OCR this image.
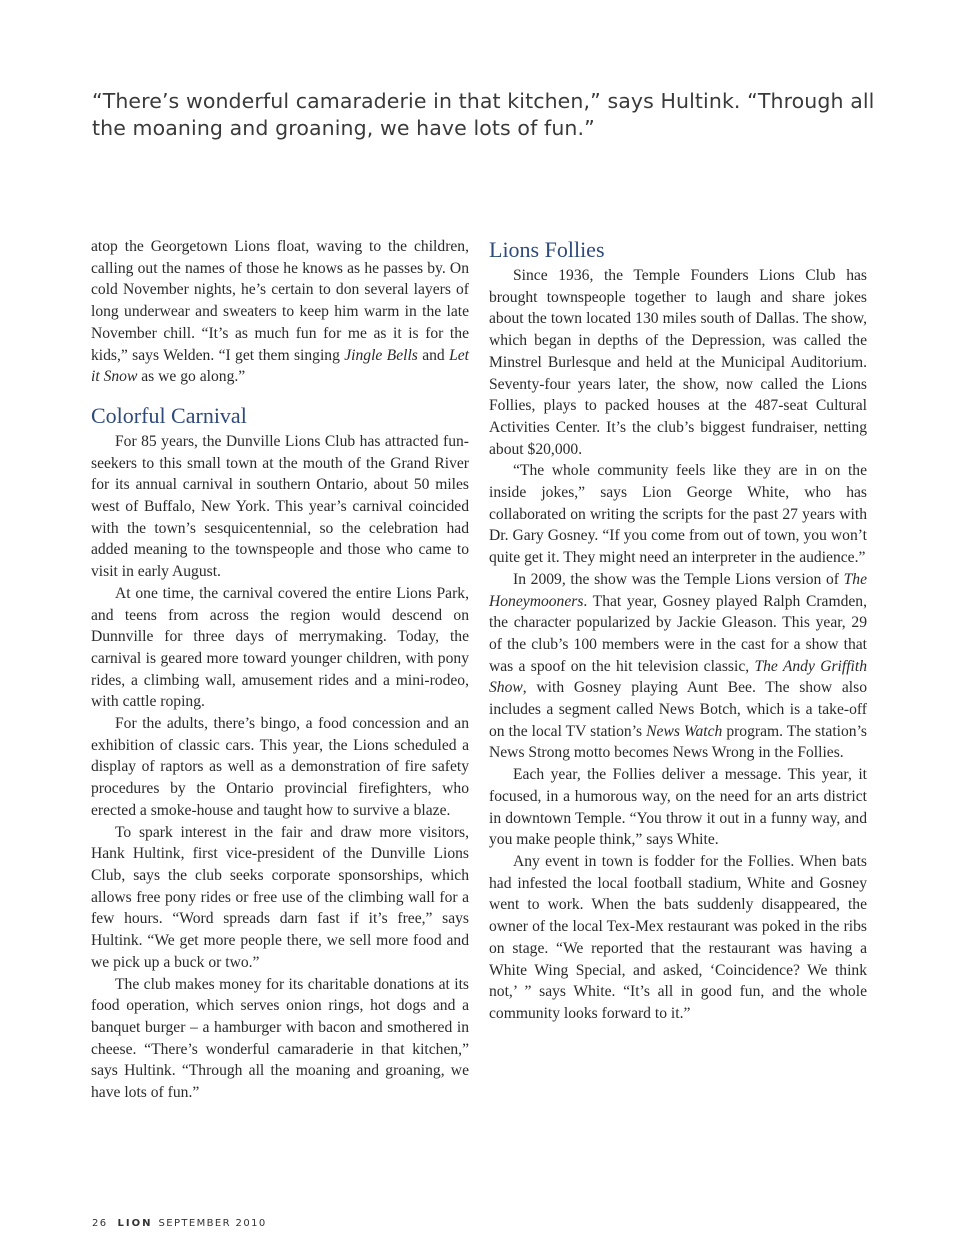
“There’s wonderful camaraderie in that kitchen,” says Hultink. “Through all the moaning and groaning, we have lots of fun.”

atop the Georgetown Lions float, waving to the children, calling out the names of those he knows as he passes by. On cold November nights, he’s certain to don several layers of long underwear and sweaters to keep him warm in the late November chill. “It’s as much fun for me as it is for the kids,” says Welden. “I get them singing Jingle Bells and Let it Snow as we go along.”

Colorful Carnival

For 85 years, the Dunville Lions Club has attracted fun-seekers to this small town at the mouth of the Grand River for its annual carnival in southern Ontario, about 50 miles west of Buffalo, New York. This year’s carnival coincided with the town’s sesquicentennial, so the celebration had added meaning to the townspeople and those who came to visit in early August.

At one time, the carnival covered the entire Lions Park, and teens from across the region would descend on Dunnville for three days of merrymaking. Today, the carnival is geared more toward younger children, with pony rides, a climbing wall, amusement rides and a mini-rodeo, with cattle roping.

For the adults, there’s bingo, a food concession and an exhibition of classic cars. This year, the Lions scheduled a display of raptors as well as a demonstration of fire safety procedures by the Ontario provincial firefighters, who erected a smoke-house and taught how to survive a blaze.

To spark interest in the fair and draw more visitors, Hank Hultink, first vice-president of the Dunville Lions Club, says the club seeks corporate sponsorships, which allows free pony rides or free use of the climbing wall for a few hours. “Word spreads darn fast if it’s free,” says Hultink. “We get more people there, we sell more food and we pick up a buck or two.”

The club makes money for its charitable donations at its food operation, which serves onion rings, hot dogs and a banquet burger – a hamburger with bacon and smothered in cheese. “There’s wonderful camaraderie in that kitchen,” says Hultink. “Through all the moaning and groaning, we have lots of fun.”

Lions Follies

Since 1936, the Temple Founders Lions Club has brought townspeople together to laugh and share jokes about the town located 130 miles south of Dallas. The show, which began in depths of the Depression, was called the Minstrel Burlesque and held at the Municipal Auditorium. Seventy-four years later, the show, now called the Lions Follies, plays to packed houses at the 487-seat Cultural Activities Center. It’s the club’s biggest fundraiser, netting about $20,000.

“The whole community feels like they are in on the inside jokes,” says Lion George White, who has collaborated on writing the scripts for the past 27 years with Dr. Gary Gosney. “If you come from out of town, you won’t quite get it. They might need an interpreter in the audience.”

In 2009, the show was the Temple Lions version of The Honeymooners. That year, Gosney played Ralph Cramden, the character popularized by Jackie Gleason. This year, 29 of the club’s 100 members were in the cast for a show that was a spoof on the hit television classic, The Andy Griffith Show, with Gosney playing Aunt Bee. The show also includes a segment called News Botch, which is a take-off on the local TV station’s News Watch program. The station’s News Strong motto becomes News Wrong in the Follies.

Each year, the Follies deliver a message. This year, it focused, in a humorous way, on the need for an arts district in downtown Temple. “You throw it out in a funny way, and you make people think,” says White.

Any event in town is fodder for the Follies. When bats had infested the local football stadium, White and Gosney went to work. When the bats suddenly disappeared, the owner of the local Tex-Mex restaurant was poked in the ribs on stage. “We reported that the restaurant was having a White Wing Special, and asked, ‘Coincidence? We think not,’ ” says White. “It’s all in good fun, and the whole community looks forward to it.”

26 LION SEPTEMBER 2010
